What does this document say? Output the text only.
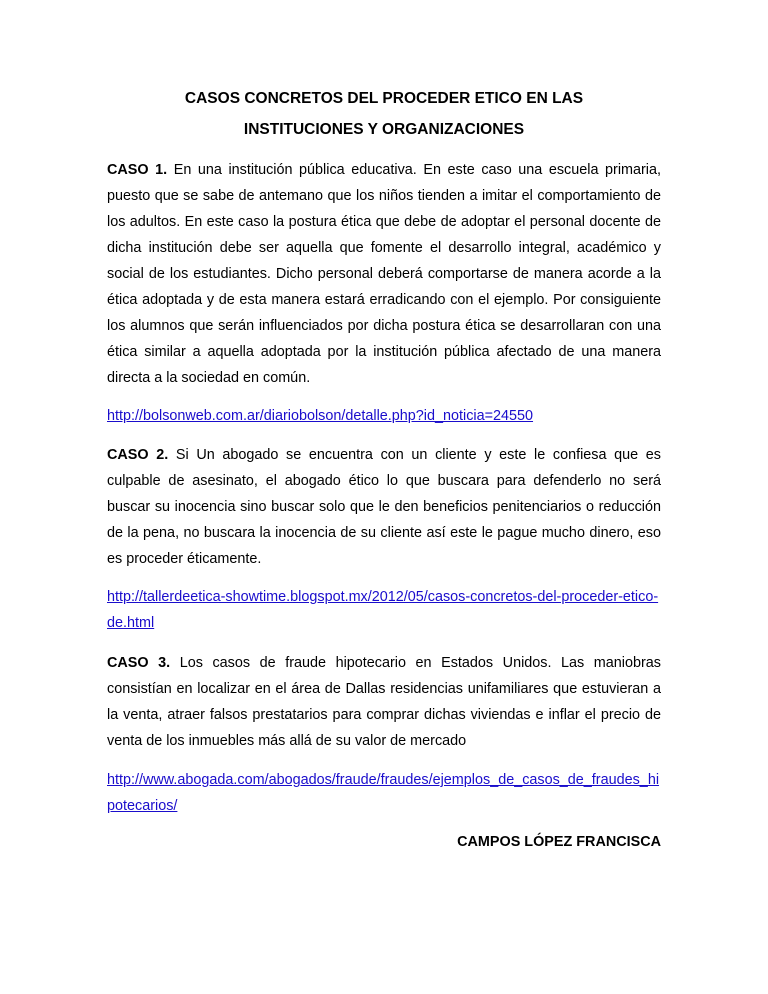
CASOS CONCRETOS DEL PROCEDER ETICO EN LAS
INSTITUCIONES Y ORGANIZACIONES

CASO 1. En una institución pública educativa. En este caso una escuela primaria, puesto que se sabe de antemano que los niños tienden a imitar el comportamiento de los adultos. En este caso la postura ética que debe de adoptar el personal docente de dicha institución debe ser aquella que fomente el desarrollo integral, académico y social de los estudiantes. Dicho personal deberá comportarse de manera acorde a la ética adoptada y de esta manera estará erradicando con el ejemplo. Por consiguiente los alumnos que serán influenciados por dicha postura ética se desarrollaran con una ética similar a aquella adoptada por la institución pública afectado de una manera directa a la sociedad en común.

http://bolsonweb.com.ar/diariobolson/detalle.php?id_noticia=24550

CASO 2. Si Un abogado se encuentra con un cliente y este le confiesa que es culpable de asesinato, el abogado ético lo que buscara para defenderlo no será buscar su inocencia sino buscar solo que le den beneficios penitenciarios o reducción de la pena, no buscara la inocencia de su cliente así este le pague mucho dinero, eso es proceder éticamente.

http://tallerdeetica-showtime.blogspot.mx/2012/05/casos-concretos-del-proceder-etico-de.html

CASO 3. Los casos de fraude hipotecario en Estados Unidos. Las maniobras consistían en localizar en el área de Dallas residencias unifamiliares que estuvieran a la venta, atraer falsos prestatarios para comprar dichas viviendas e inflar el precio de venta de los inmuebles más allá de su valor de mercado

http://www.abogada.com/abogados/fraude/fraudes/ejemplos_de_casos_de_fraudes_hipotecarios/

CAMPOS LÓPEZ FRANCISCA
